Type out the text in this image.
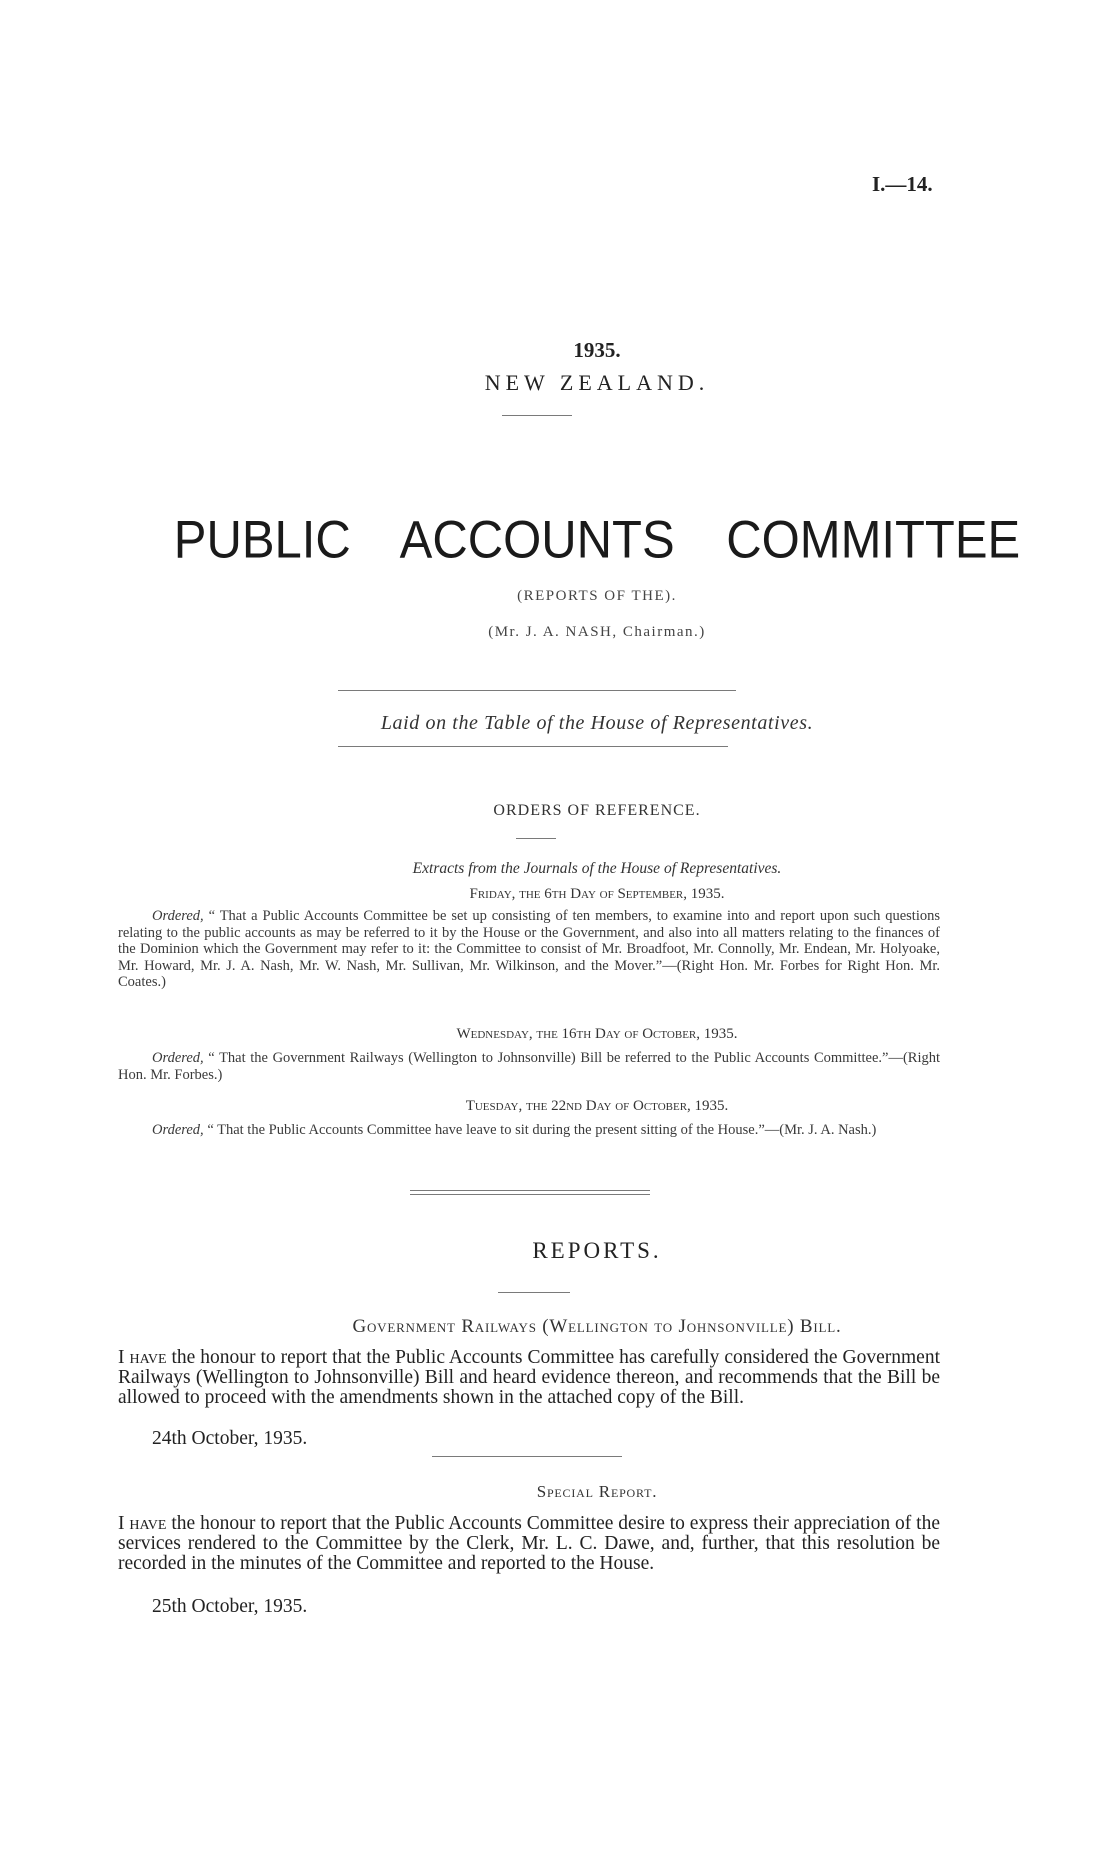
I.—14.
1935.
NEW ZEALAND.
PUBLIC ACCOUNTS COMMITTEE
(REPORTS OF THE).
(Mr. J. A. NASH, Chairman.)
Laid on the Table of the House of Representatives.
ORDERS OF REFERENCE.
Extracts from the Journals of the House of Representatives.
Friday, the 6th Day of September, 1935.

Ordered, “ That a Public Accounts Committee be set up consisting of ten members, to examine into and report upon such questions relating to the public accounts as may be referred to it by the House or the Government, and also into all matters relating to the finances of the Dominion which the Government may refer to it: the Committee to consist of Mr. Broadfoot, Mr. Connolly, Mr. Endean, Mr. Holyoake, Mr. Howard, Mr. J. A. Nash, Mr. W. Nash, Mr. Sullivan, Mr. Wilkinson, and the Mover.”—(Right Hon. Mr. Forbes for Right Hon. Mr. Coates.)

Wednesday, the 16th Day of October, 1935.

Ordered, “ That the Government Railways (Wellington to Johnsonville) Bill be referred to the Public Accounts Committee.”—(Right Hon. Mr. Forbes.)

Tuesday, the 22nd Day of October, 1935.

Ordered, “ That the Public Accounts Committee have leave to sit during the present sitting of the House.”—(Mr. J. A. Nash.)

REPORTS.
Government Railways (Wellington to Johnsonville) Bill.

I have the honour to report that the Public Accounts Committee has carefully considered the Government Railways (Wellington to Johnsonville) Bill and heard evidence thereon, and recommends that the Bill be allowed to proceed with the amendments shown in the attached copy of the Bill.

24th October, 1935.
Special Report.

I have the honour to report that the Public Accounts Committee desire to express their appreciation of the services rendered to the Committee by the Clerk, Mr. L. C. Dawe, and, further, that this resolution be recorded in the minutes of the Committee and reported to the House.

25th October, 1935.
